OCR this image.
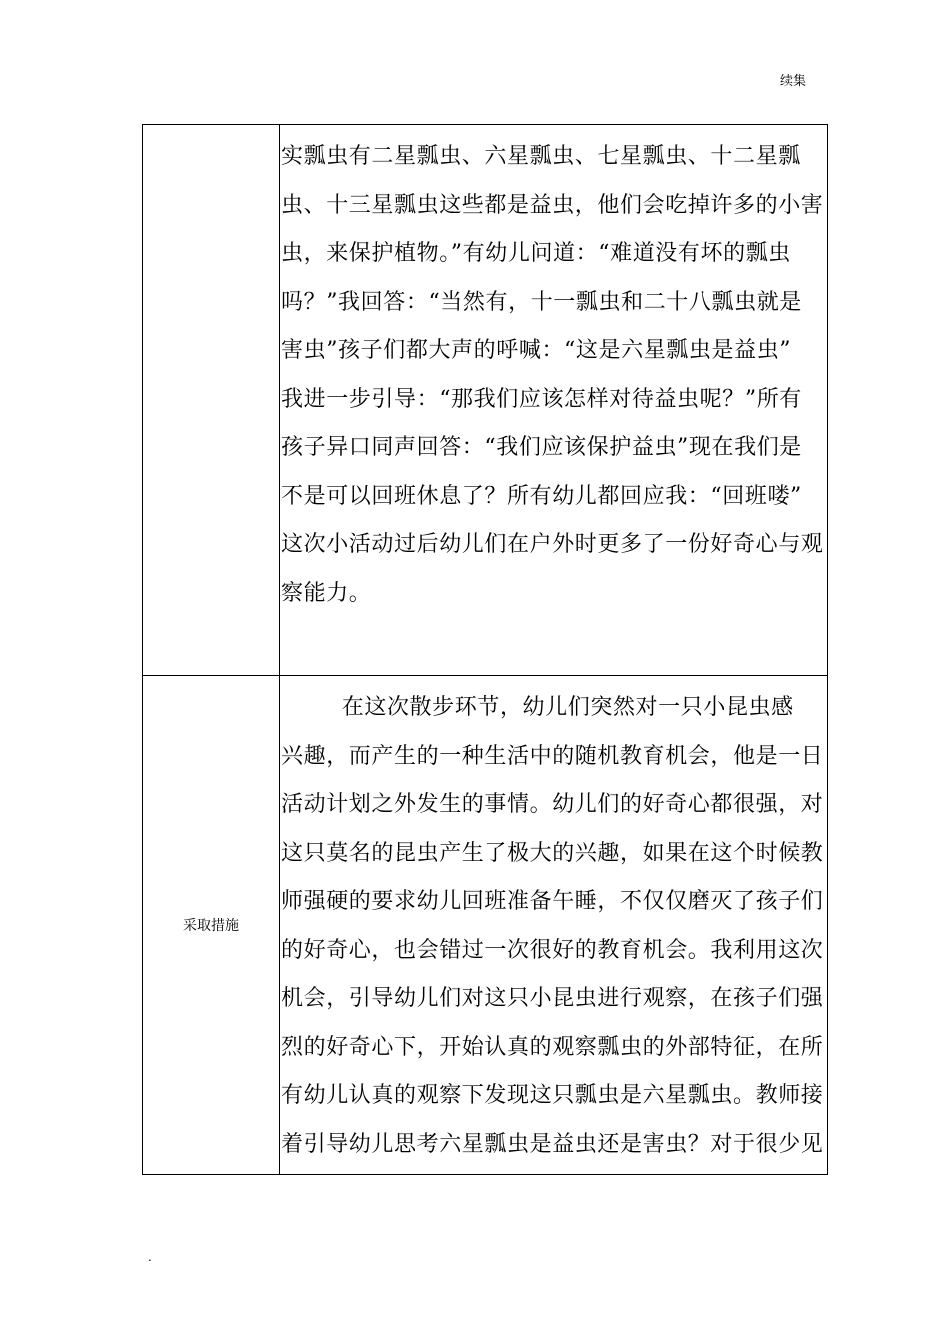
续集
实瓢虫有二星瓢虫、六星瓢虫、七星瓢虫、十二星瓢
虫、十三星瓢虫这些都是益虫，他们会吃掉许多的小害
虫，来保护植物。”有幼儿问道：“难道没有坏的瓢虫
吗？”我回答：“当然有，十一瓢虫和二十八瓢虫就是
害虫”孩子们都大声的呼喊：“这是六星瓢虫是益虫”
我进一步引导：“那我们应该怎样对待益虫呢？”所有
孩子异口同声回答：“我们应该保护益虫”现在我们是
不是可以回班休息了？所有幼儿都回应我：“回班喽”
这次小活动过后幼儿们在户外时更多了一份好奇心与观
察能力。
采取措施
在这次散步环节，幼儿们突然对一只小昆虫感
兴趣，而产生的一种生活中的随机教育机会，他是一日
活动计划之外发生的事情。幼儿们的好奇心都很强，对
这只莫名的昆虫产生了极大的兴趣，如果在这个时候教
师强硬的要求幼儿回班准备午睡，不仅仅磨灭了孩子们
的好奇心，也会错过一次很好的教育机会。我利用这次
机会，引导幼儿们对这只小昆虫进行观察，在孩子们强
烈的好奇心下，开始认真的观察瓢虫的外部特征，在所
有幼儿认真的观察下发现这只瓢虫是六星瓢虫。教师接
着引导幼儿思考六星瓢虫是益虫还是害虫？对于很少见
.
